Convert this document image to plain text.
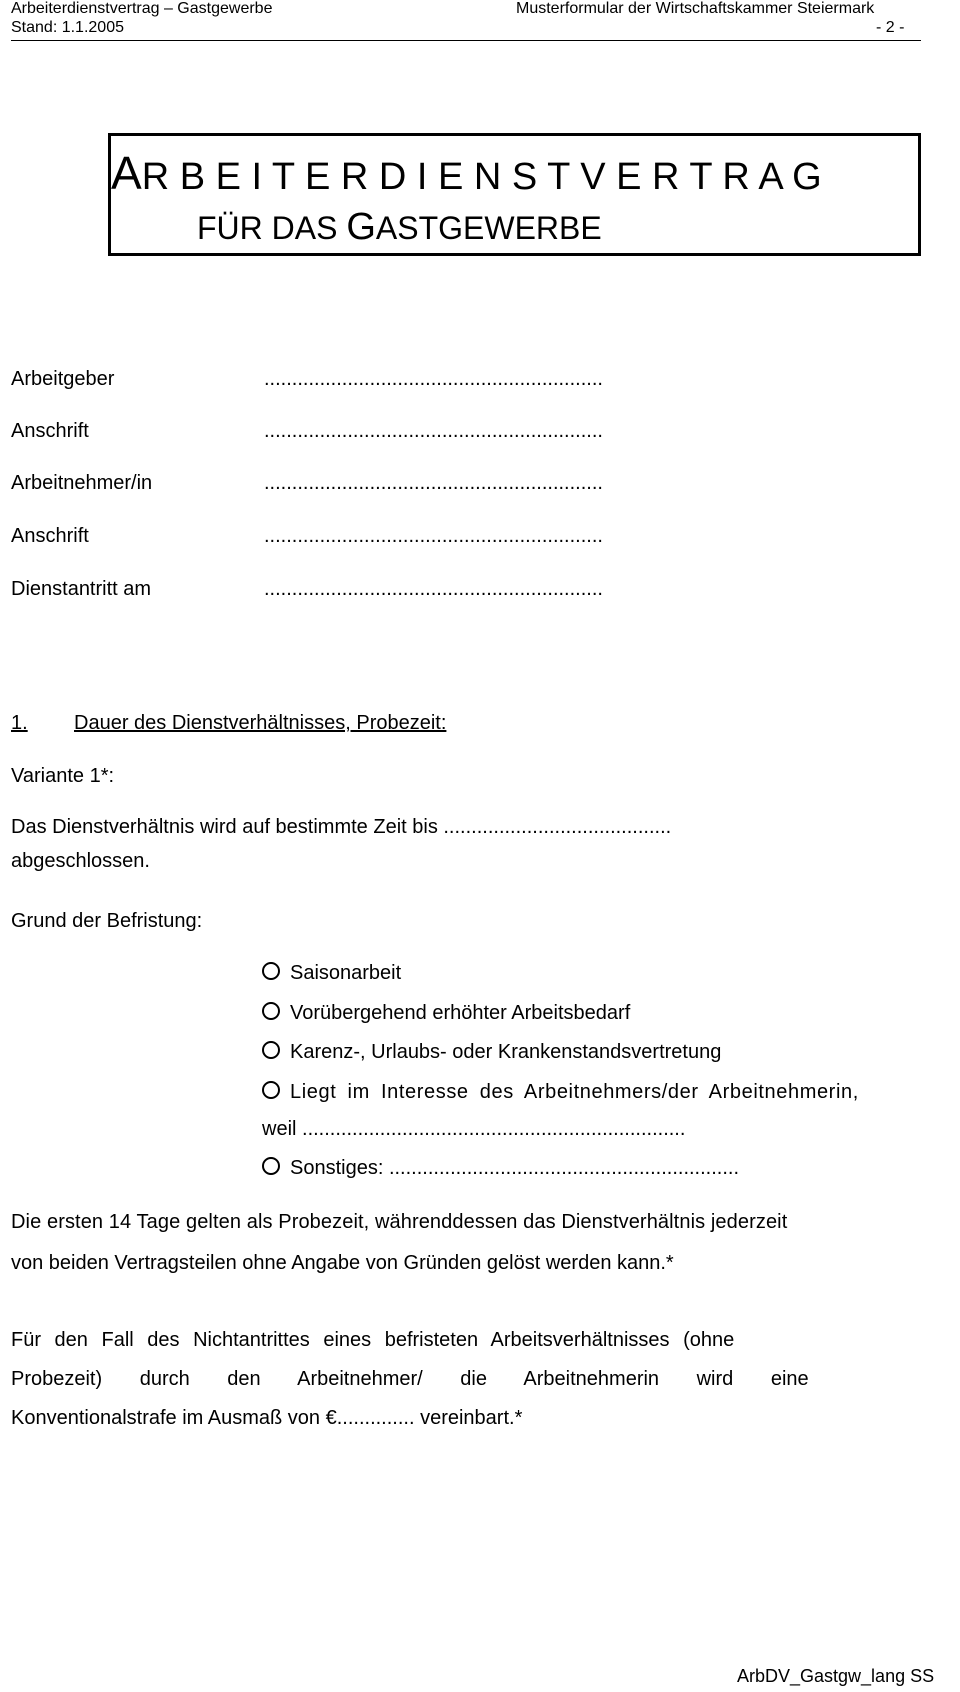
Arbeiterdienstvertrag – Gastgewerbe
Stand: 1.1.2005
Musterformular der Wirtschaftskammer Steiermark
- 2 -
AR B E I T E R D I E N S T V E R T R A G
FÜR DAS GASTGEWERBE
Arbeitgeber	.............................................................
Anschrift	.............................................................
Arbeitnehmer/in	.............................................................
Anschrift	.............................................................
Dienstantritt am	.............................................................
1. Dauer des Dienstverhältnisses, Probezeit:
Variante 1*:
Das Dienstverhältnis wird auf bestimmte Zeit bis .........................................
abgeschlossen.
Grund der Befristung:
Saisonarbeit
Vorübergehend erhöhter Arbeitsbedarf
Karenz-, Urlaubs- oder Krankenstandsvertretung
Liegt im Interesse des Arbeitnehmers/der Arbeitnehmerin,
weil .....................................................................
Sonstiges: ...............................................................
Die ersten 14 Tage gelten als Probezeit, währenddessen das Dienstverhältnis jederzeit
von beiden Vertragsteilen ohne Angabe von Gründen gelöst werden kann.*
Für den Fall des Nichtantrittes eines befristeten Arbeitsverhältnisses (ohne
Probezeit) durch den Arbeitnehmer/ die Arbeitnehmerin wird eine
Konventionalstrafe im Ausmaß von €.............. vereinbart.*
ArbDV_Gastgw_lang SS
